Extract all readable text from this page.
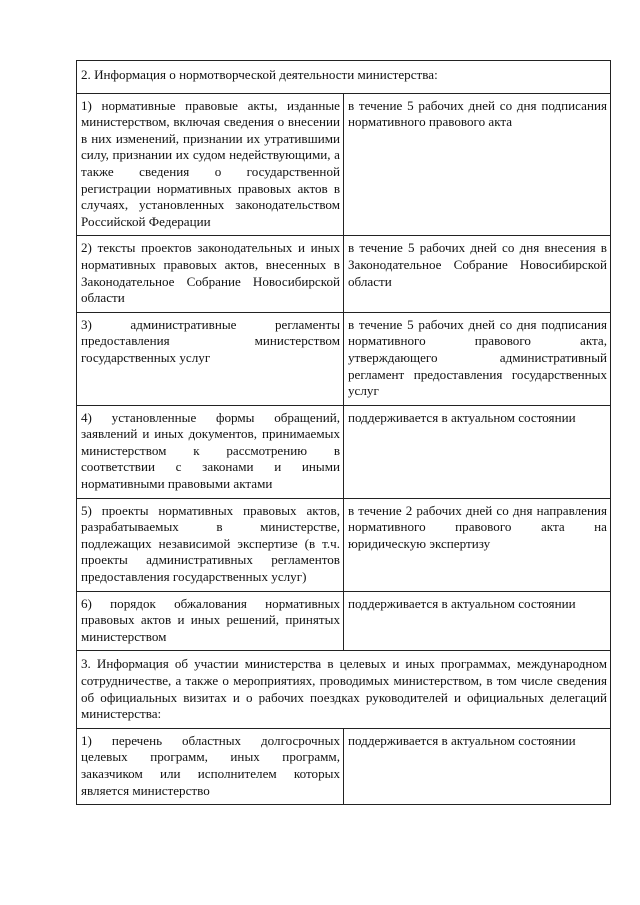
2. Информация о нормотворческой деятельности министерства:	
1) нормативные правовые акты, изданные министерством, включая сведения о внесении в них изменений, признании их утратившими силу, признании их судом недействующими, а также сведения о государственной регистрации нормативных правовых актов в случаях, установленных законодательством Российской Федерации	в течение 5 рабочих дней со дня подписания нормативного правового акта
2) тексты проектов законодательных и иных нормативных правовых актов, внесенных в Законодательное Собрание Новосибирской области	в течение 5 рабочих дней со дня внесения в Законодательное Собрание Новосибирской области
3) административные регламенты предоставления министерством государственных услуг	в течение 5 рабочих дней со дня подписания нормативного правового акта, утверждающего административный регламент предоставления государственных услуг
4) установленные формы обращений, заявлений и иных документов, принимаемых министерством к рассмотрению в соответствии с законами и иными нормативными правовыми актами	поддерживается в актуальном состоянии
5) проекты нормативных правовых актов, разрабатываемых в министерстве, подлежащих независимой экспертизе (в т.ч. проекты административных регламентов предоставления государственных услуг)	в течение 2 рабочих дней со дня направления нормативного правового акта на юридическую экспертизу
6) порядок обжалования нормативных правовых актов и иных решений, принятых министерством	поддерживается в актуальном состоянии
3. Информация об участии министерства в целевых и иных программах, международном сотрудничестве, а также о мероприятиях, проводимых министерством, в том числе сведения об официальных визитах и о рабочих поездках руководителей и официальных делегаций министерства:	
1) перечень областных долгосрочных целевых программ, иных программ, заказчиком или исполнителем которых является министерство	поддерживается в актуальном состоянии
